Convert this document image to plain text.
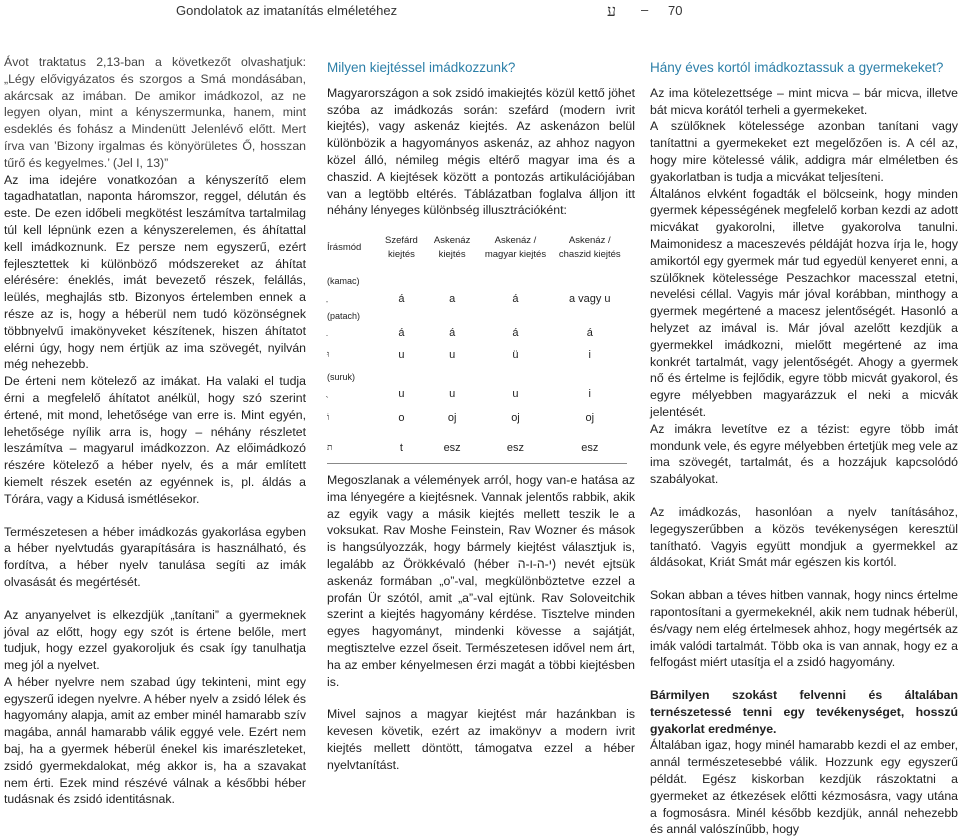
Gondolatok az imatanítás elméletéhez	ע – 70

Ávot traktatus 2,13-ban a következőt olvashatjuk: „Légy elővigyázatos és szorgos a Smá mondásában, akárcsak az imában. De amikor imádkozol, az ne legyen olyan, mint a kényszermunka, hanem, mint esdeklés és fohász a Mindenütt Jelenlévő előtt. Mert írva van ’Bizony irgalmas és könyörületes Ő, hosszan tűrő és kegyelmes.’ (Jel I, 13)”

Az ima idejére vonatkozóan a kényszerítő elem tagadhatatlan, naponta háromszor, reggel, délután és este. De ezen időbeli megkötést leszámítva tartalmilag túl kell lépnünk ezen a kényszerelemen, és áhítattal kell imádkoznunk. Ez persze nem egyszerű, ezért fejlesztettek ki különböző módszereket az áhítat elérésére: éneklés, imát bevezető részek, felállás, leülés, meghajlás stb. Bizonyos értelemben ennek a része az is, hogy a héberül nem tudó közönségnek többnyelvű imakönyveket készítenek, hiszen áhítatot elérni úgy, hogy nem értjük az ima szövegét, nyilván még nehezebb.

De érteni nem kötelező az imákat. Ha valaki el tudja érni a megfelelő áhítatot anélkül, hogy szó szerint értené, mit mond, lehetősége van erre is. Mint egyén, lehetősége nyílik arra is, hogy – néhány részletet leszámítva – magyarul imádkozzon. Az előimádkozó részére kötelező a héber nyelv, és a már említett kiemelt részek esetén az egyénnek is, pl. áldás a Tórára, vagy a Kidusá ismétlésekor.

Természetesen a héber imádkozás gyakorlása egyben a héber nyelvtudás gyarapítására is használható, és fordítva, a héber nyelv tanulása segíti az imák olvasását és megértését.

Az anyanyelvet is elkezdjük „tanítani” a gyermeknek jóval az előtt, hogy egy szót is értene belőle, mert tudjuk, hogy ezzel gyakoroljuk és csak így tanulhatja meg jól a nyelvet.

A héber nyelvre nem szabad úgy tekinteni, mint egy egyszerű idegen nyelvre. A héber nyelv a zsidó lélek és hagyomány alapja, amit az ember minél hamarabb szív magába, annál hamarabb válik eggyé vele. Ezért nem baj, ha a gyermek héberül énekel kis imarészleteket, zsidó gyermekdalokat, még akkor is, ha a szavakat nem érti. Ezek mind részévé válnak a későbbi héber tudásnak és zsidó identitásnak.

Milyen kiejtéssel imádkozzunk?

Magyarországon a sok zsidó imakiejtés közül kettő jöhet szóba az imádkozás során: szefárd (modern ivrit kiejtés), vagy askenáz kiejtés. Az askenázon belül különbözik a hagyományos askenáz, az ahhoz nagyon közel álló, némileg mégis eltérő magyar ima és a chaszid. A kiejtések között a pontozás artikulációjában van a legtöbb eltérés. Táblázatban foglalva álljon itt néhány lényeges különbség illusztrációként:

Írásmód	Szefárd kiejtés	Askenáz kiejtés	Askenáz / magyar kiejtés	Askenáz / chaszid kiejtés
(kamac)				
	á	a	á	a vagy u
(patach)				
	á	á	á	á
וּ	u	u	ü	i
(suruk)				
	u	u	u	i
וֹ	o	oj	oj	oj
ת	t	esz	esz	esz

Megoszlanak a vélemények arról, hogy van-e hatása az ima lényegére a kiejtésnek. Vannak jelentős rabbik, akik az egyik vagy a másik kiejtés mellett teszik le a voksukat. Rav Moshe Feinstein, Rav Wozner és mások is hangsúlyozzák, hogy bármely kiejtést választjuk is, legalább az Örökkévaló (héber י-ה-ו-ה) nevét ejtsük askenáz formában „o”-val, megkülönböztetve ezzel a profán Ür szótól, amit „a”-val ejtünk. Rav Soloveitchik szerint a kiejtés hagyomány kérdése. Tisztelve minden egyes hagyományt, mindenki kövesse a sajátját, megtisztelve ezzel őseit. Természetesen idővel nem árt, ha az ember kényelmesen érzi magát a többi kiejtésben is.

Mivel sajnos a magyar kiejtést már hazánkban is kevesen követik, ezért az imakönyv a modern ivrit kiejtés mellett döntött, támogatva ezzel a héber nyelvtanítást.

Hány éves kortól imádkoztassuk a gyermekeket?

Az ima kötelezettsége – mint micva – bár micva, illetve bát micva korától terheli a gyermekeket.

A szülőknek kötelessége azonban tanítani vagy tanítattni a gyermekeket ezt megelőzően is. A cél az, hogy mire kötelessé válik, addigra már elméletben és gyakorlatban is tudja a micvákat teljesíteni.

Általános elvként fogadták el bölcseink, hogy minden gyermek képességének megfelelő korban kezdi az adott micvákat gyakorolni, illetve gyakorolva tanulni. Maimonidesz a maceszevés példáját hozva írja le, hogy amikortól egy gyermek már tud egyedül kenyeret enni, a szülőknek kötelessége Peszachkor macesszal etetni, nevelési céllal. Vagyis már jóval korábban, minthogy a gyermek megértené a macesz jelentőségét. Hasonló a helyzet az imával is. Már jóval azelőtt kezdjük a gyermekkel imádkozni, mielőtt megértené az ima konkrét tartalmát, vagy jelentőségét. Ahogy a gyermek nő és értelme is fejlődik, egyre több micvát gyakorol, és egyre mélyebben magyarázzuk el neki a micvák jelentését.

Az imákra levetítve ez a tézist: egyre több imát mondunk vele, és egyre mélyebben értetjük meg vele az ima szövegét, tartalmát, és a hozzájuk kapcsolódó szabályokat.

Az imádkozás, hasonlóan a nyelv tanításához, legegyszerűbben a közös tevékenységen keresztül tanítható. Vagyis együtt mondjuk a gyermekkel az áldásokat, Kriát Smát már egészen kis kortól.

Sokan abban a téves hitben vannak, hogy nincs értelme rapontosítani a gyermekeknél, akik nem tudnak héberül, és/vagy nem elég értelmesek ahhoz, hogy megértsék az imák valódi tartalmát. Több oka is van annak, hogy ez a felfogást miért utasítja el a zsidó hagyomány.

Bármilyen szokást felvenni és általában ternészetessé tenni egy tevékenységet, hosszú gyakorlat eredménye.

Általában igaz, hogy minél hamarabb kezdi el az ember, annál természetesebbé válik. Hozzunk egy egyszerű példát. Egész kiskorban kezdjük rászoktatni a gyermeket az étkezések előtti kézmosásra, vagy utána a fogmosásra. Minél később kezdjük, annál nehezebb és annál valószínűbb, hogy
